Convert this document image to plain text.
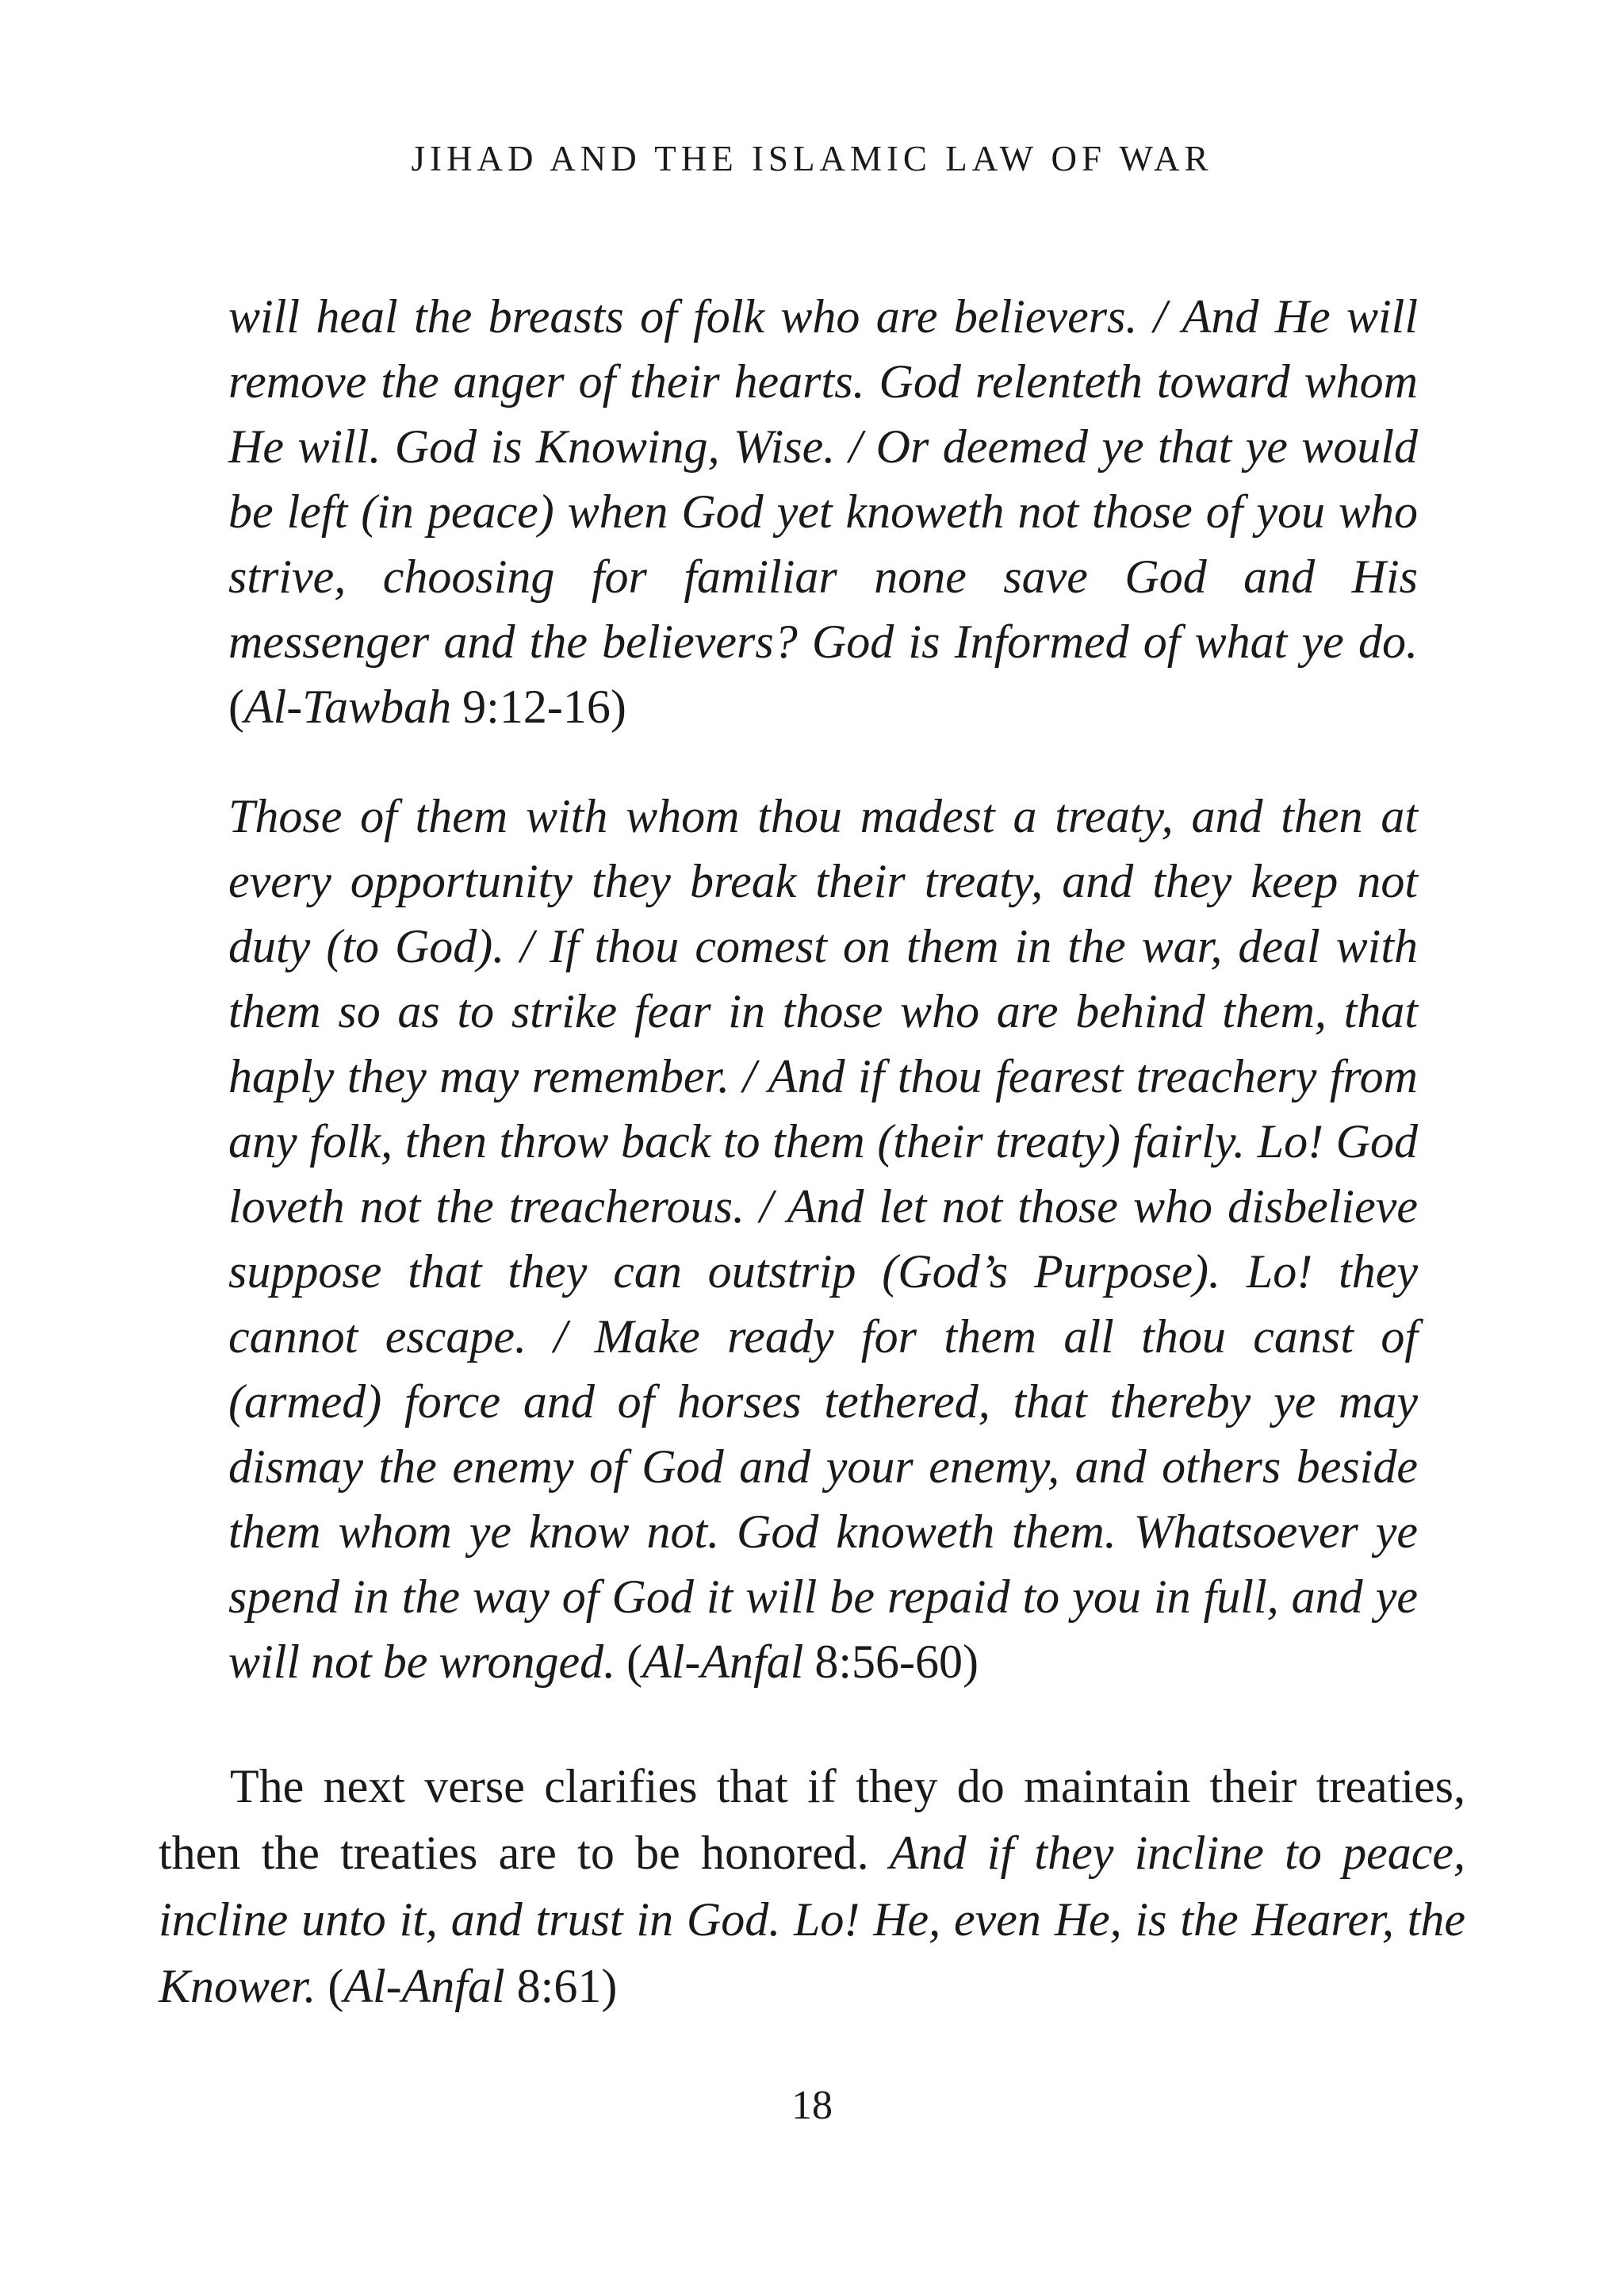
JIHAD AND THE ISLAMIC LAW OF WAR
will heal the breasts of folk who are believers. / And He will remove the anger of their hearts. God relenteth toward whom He will. God is Knowing, Wise. / Or deemed ye that ye would be left (in peace) when God yet knoweth not those of you who strive, choosing for familiar none save God and His messenger and the believers? God is Informed of what ye do. (Al-Tawbah 9:12-16)
Those of them with whom thou madest a treaty, and then at every opportunity they break their treaty, and they keep not duty (to God). / If thou comest on them in the war, deal with them so as to strike fear in those who are behind them, that haply they may remember. / And if thou fearest treachery from any folk, then throw back to them (their treaty) fairly. Lo! God loveth not the treacherous. / And let not those who disbelieve suppose that they can outstrip (God’s Purpose). Lo! they cannot escape. / Make ready for them all thou canst of (armed) force and of horses tethered, that thereby ye may dismay the enemy of God and your enemy, and others beside them whom ye know not. God knoweth them. Whatsoever ye spend in the way of God it will be repaid to you in full, and ye will not be wronged. (Al-Anfal 8:56-60)
The next verse clarifies that if they do maintain their treaties, then the treaties are to be honored. And if they incline to peace, incline unto it, and trust in God. Lo! He, even He, is the Hearer, the Knower. (Al-Anfal 8:61)
18
